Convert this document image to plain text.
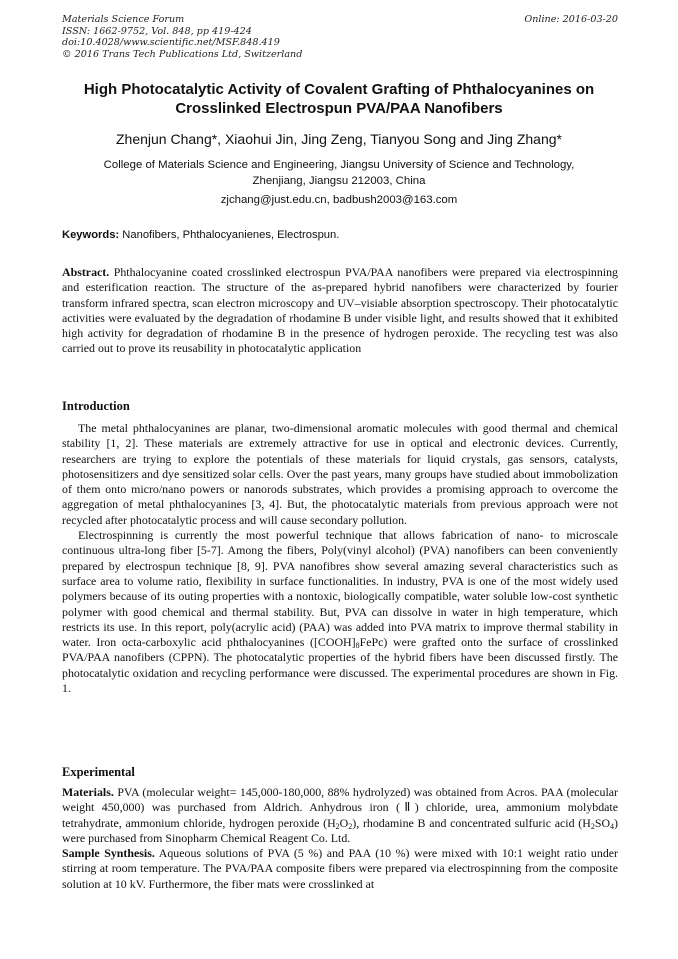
Materials Science Forum
ISSN: 1662-9752, Vol. 848, pp 419-424
doi:10.4028/www.scientific.net/MSF.848.419
© 2016 Trans Tech Publications Ltd, Switzerland
Online: 2016-03-20
High Photocatalytic Activity of Covalent Grafting of Phthalocyanines on
Crosslinked Electrospun PVA/PAA Nanofibers
Zhenjun Chang*, Xiaohui Jin, Jing Zeng, Tianyou Song and Jing Zhang*
College of Materials Science and Engineering, Jiangsu University of Science and Technology,
Zhenjiang, Jiangsu 212003, China
zjchang@just.edu.cn, badbush2003@163.com
Keywords: Nanofibers, Phthalocyanienes, Electrospun.
Abstract. Phthalocyanine coated crosslinked electrospun PVA/PAA nanofibers were prepared via electrospinning and esterification reaction. The structure of the as-prepared hybrid nanofibers were characterized by fourier transform infrared spectra, scan electron microscopy and UV–visiable absorption spectroscopy. Their photocatalytic activities were evaluated by the degradation of rhodamine B under visible light, and results showed that it exhibited high activity for degradation of rhodamine B in the presence of hydrogen peroxide. The recycling test was also carried out to prove its reusability in photocatalytic application
Introduction

The metal phthalocyanines are planar, two-dimensional aromatic molecules with good thermal and chemical stability [1, 2]. These materials are extremely attractive for use in optical and electronic devices. Currently, researchers are trying to explore the potentials of these materials for liquid crystals, gas sensors, catalysts, photosensitizers and dye sensitized solar cells. Over the past years, many groups have studied about immobolization of them onto micro/nano powers or nanorods substrates, which provides a promising approach to overcome the aggregation of metal phthalocyanines [3, 4]. But, the photocatalytic materials from previous approach were not recycled after photocatalytic process and will cause secondary pollution.

Electrospinning is currently the most powerful technique that allows fabrication of nano- to microscale continuous ultra-long fiber [5-7]. Among the fibers, Poly(vinyl alcohol) (PVA) nanofibers can been conveniently prepared by electrospun technique [8, 9]. PVA nanofibres show several amazing several characteristics such as surface area to volume ratio, flexibility in surface functionalities. In industry, PVA is one of the most widely used polymers because of its outing properties with a nontoxic, biologically compatible, water soluble low-cost synthetic polymer with good chemical and thermal stability. But, PVA can dissolve in water in high temperature, which restricts its use. In this report, poly(acrylic acid) (PAA) was added into PVA matrix to improve thermal stability in water. Iron octa-carboxylic acid phthalocyanines $([COOH]_8FePc)$ were grafted onto the surface of crosslinked PVA/PAA nanofibers (CPPN). The photocatalytic properties of the hybrid fibers have been discussed firstly. The photocatalytic oxidation and recycling performance were discussed. The experimental procedures are shown in Fig. 1.

Experimental

Materials. PVA (molecular weight= 145,000-180,000, 88% hydrolyzed) was obtained from Acros. PAA (molecular weight 450,000) was purchased from Aldrich. Anhydrous iron (Ⅱ) chloride, urea, ammonium molybdate tetrahydrate, ammonium chloride, hydrogen peroxide $(H_2O_2)$, rhodamine B and concentrated sulfuric acid $(H_2SO_4)$ were purchased from Sinopharm Chemical Reagent Co. Ltd.

Sample Synthesis. Aqueous solutions of PVA (5 %) and PAA (10 %) were mixed with 10:1 weight ratio under stirring at room temperature. The PVA/PAA composite fibers were prepared via electrospinning from the composite solution at 10 kV. Furthermore, the fiber mats were crosslinked at
